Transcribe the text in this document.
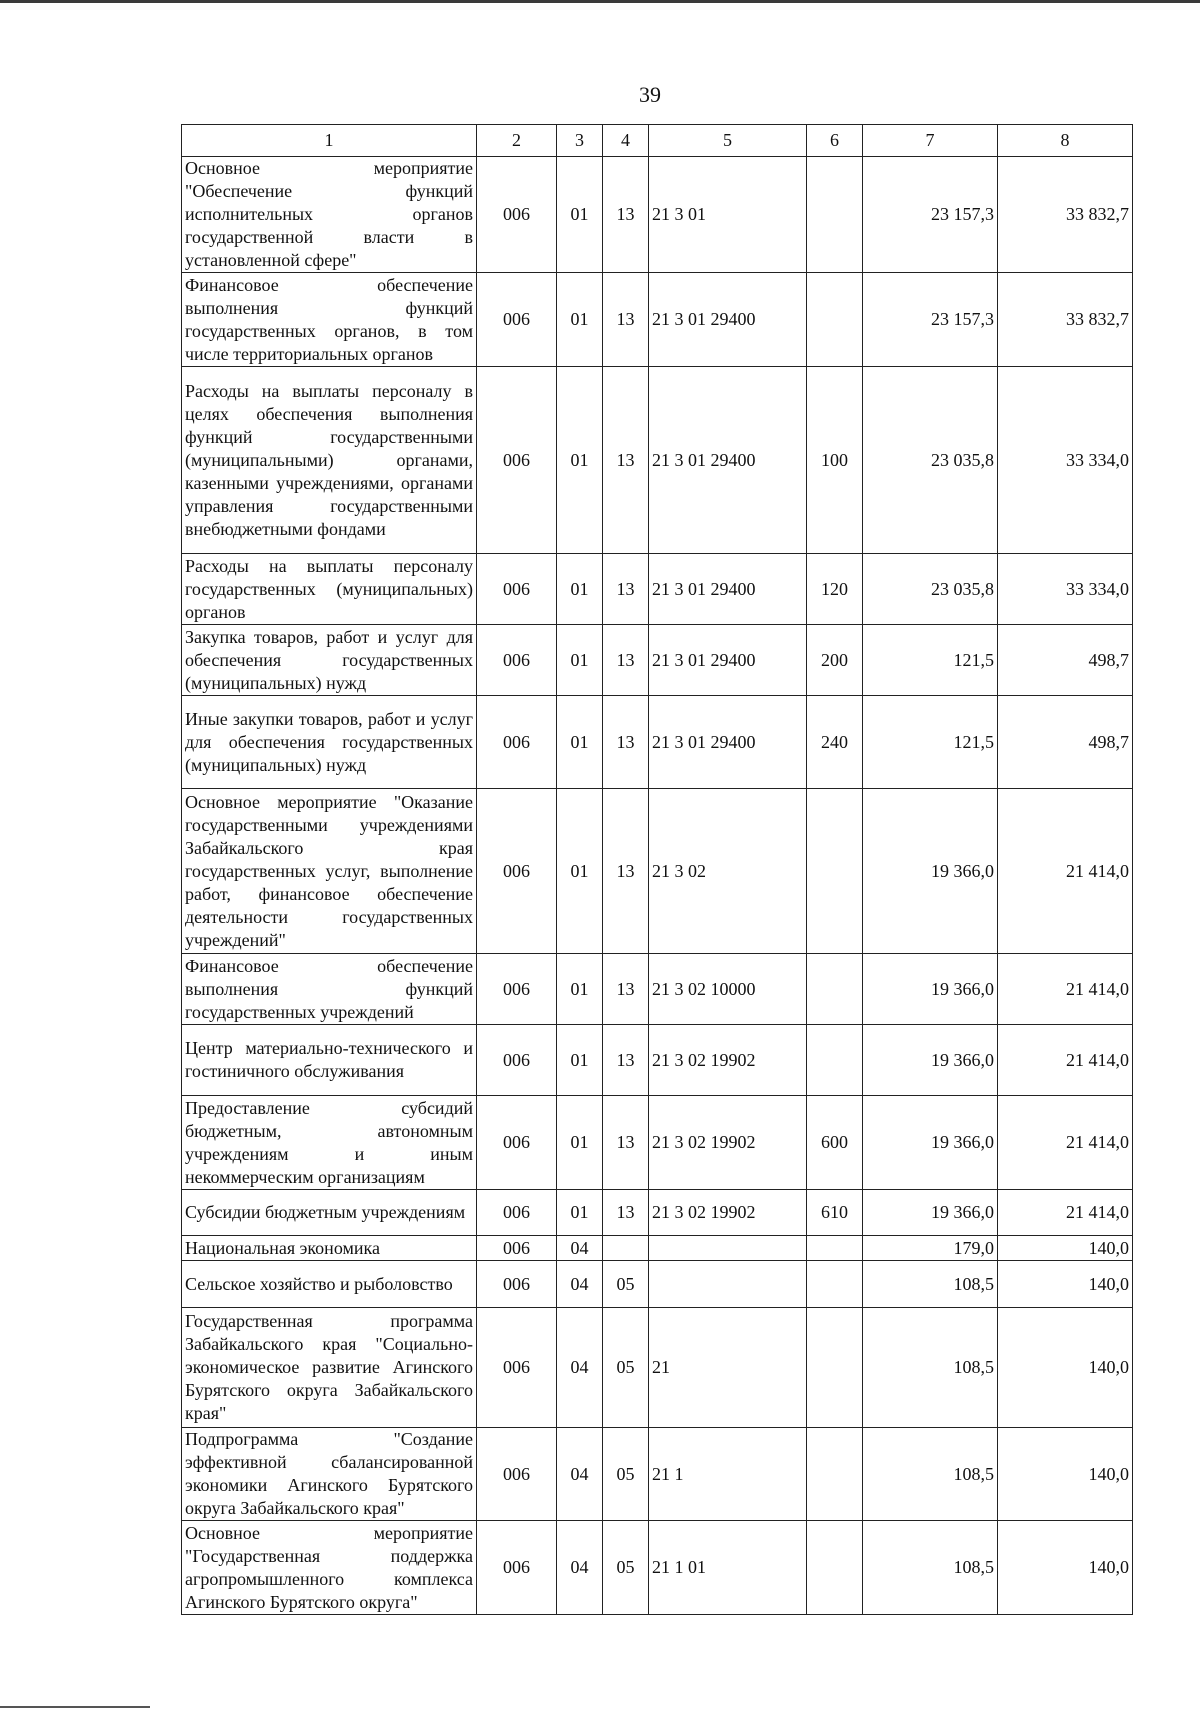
39
1	2	3	4	5	6	7	8
Основное мероприятие "Обеспечение функций исполнительных органов государственной власти в установленной сфере"	006	01	13	21 3 01		23 157,3	33 832,7
Финансовое обеспечение выполнения функций государственных органов, в том числе территориальных органов	006	01	13	21 3 01 29400		23 157,3	33 832,7
Расходы на выплаты персоналу в целях обеспечения выполнения функций государственными (муниципальными) органами, казенными учреждениями, органами управления государственными внебюджетными фондами	006	01	13	21 3 01 29400	100	23 035,8	33 334,0
Расходы на выплаты персоналу государственных (муниципальных) органов	006	01	13	21 3 01 29400	120	23 035,8	33 334,0
Закупка товаров, работ и услуг для обеспечения государственных (муниципальных) нужд	006	01	13	21 3 01 29400	200	121,5	498,7
Иные закупки товаров, работ и услуг для обеспечения государственных (муниципальных) нужд	006	01	13	21 3 01 29400	240	121,5	498,7
Основное мероприятие "Оказание государственными учреждениями Забайкальского края государственных услуг, выполнение работ, финансовое обеспечение деятельности государственных учреждений"	006	01	13	21 3 02		19 366,0	21 414,0
Финансовое обеспечение выполнения функций государственных учреждений	006	01	13	21 3 02 10000		19 366,0	21 414,0
Центр материально-технического и гостиничного обслуживания	006	01	13	21 3 02 19902		19 366,0	21 414,0
Предоставление субсидий бюджетным, автономным учреждениям и иным некоммерческим организациям	006	01	13	21 3 02 19902	600	19 366,0	21 414,0
Субсидии бюджетным учреждениям	006	01	13	21 3 02 19902	610	19 366,0	21 414,0
Национальная экономика	006	04				179,0	140,0
Сельское хозяйство и рыболовство	006	04	05			108,5	140,0
Государственная программа Забайкальского края "Социально-экономическое развитие Агинского Бурятского округа Забайкальского края"	006	04	05	21		108,5	140,0
Подпрограмма "Создание эффективной сбалансированной экономики Агинского Бурятского округа Забайкальского края"	006	04	05	21 1		108,5	140,0
Основное мероприятие "Государственная поддержка агропромышленного комплекса Агинского Бурятского округа"	006	04	05	21 1 01		108,5	140,0
